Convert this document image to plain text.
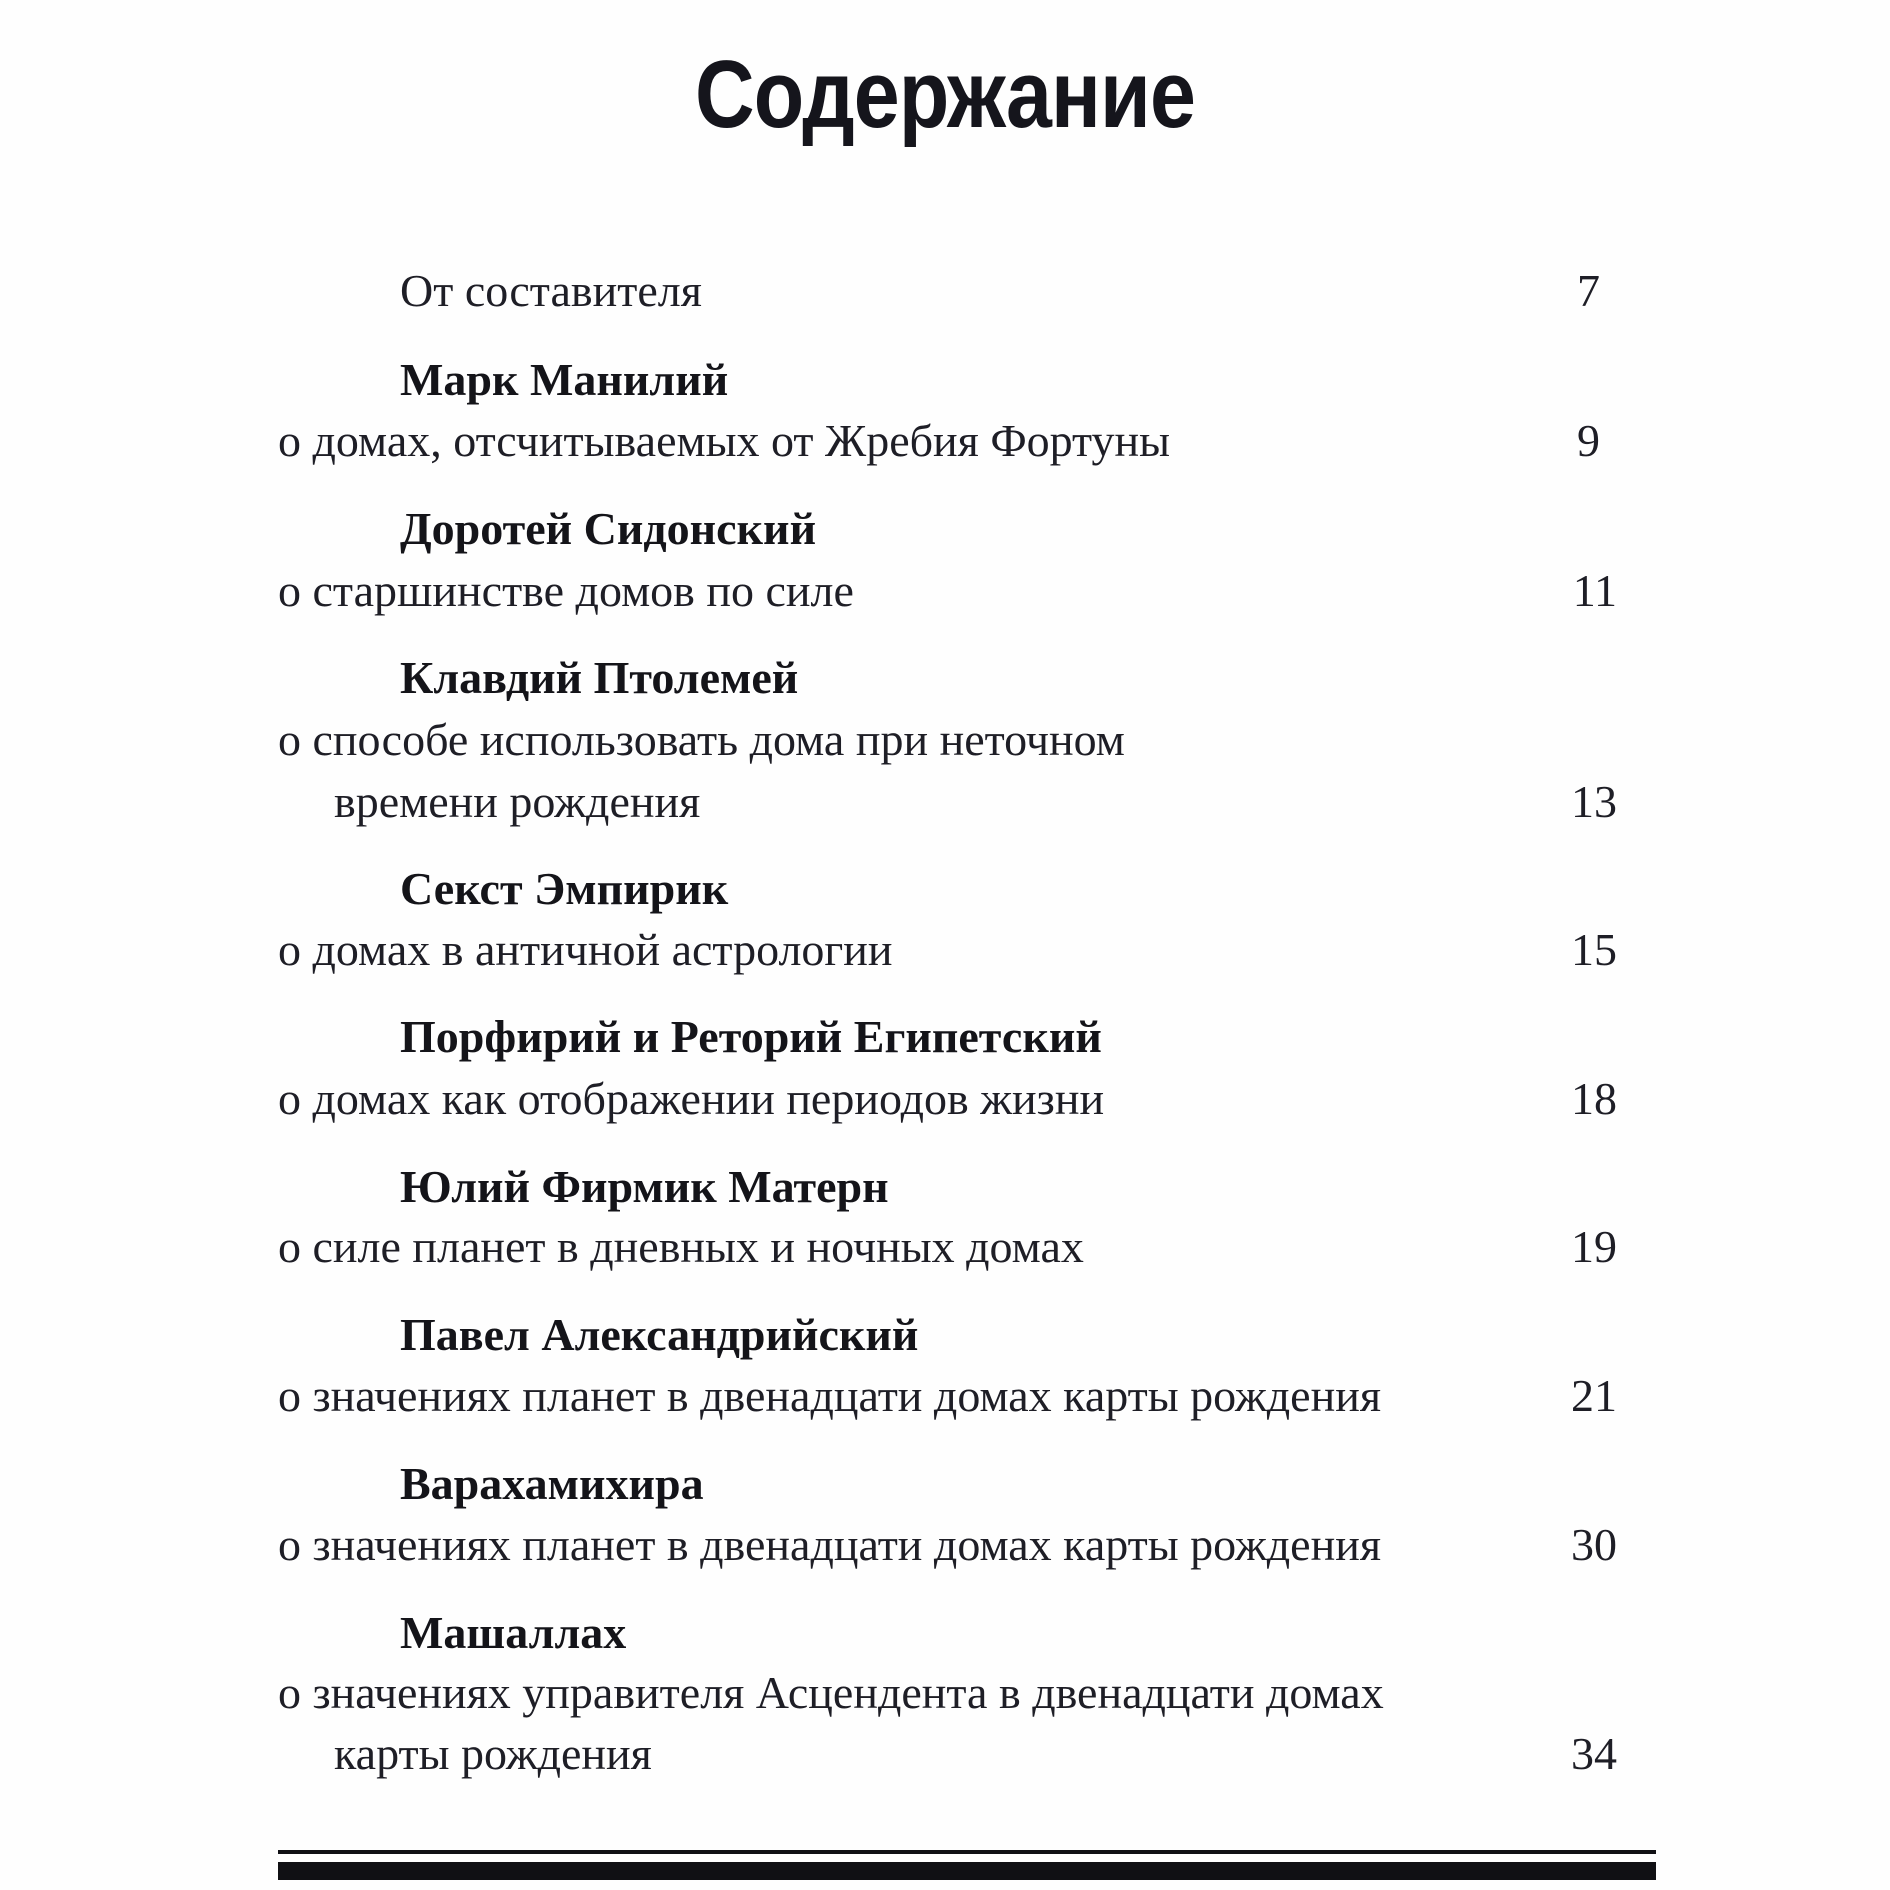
Содержание
От составителя	7
Марк Манилий
о домах, отсчитываемых от Жребия Фортуны	9
Доротей Сидонский
о старшинстве домов по силе	11
Клавдий Птолемей
о способе использовать дома при неточном
времени рождения	13
Секст Эмпирик
о домах в античной астрологии	15
Порфирий и Реторий Египетский
о домах как отображении периодов жизни	18
Юлий Фирмик Матерн
о силе планет в дневных и ночных домах	19
Павел Александрийский
о значениях планет в двенадцати домах карты рождения	21
Варахамихира
о значениях планет в двенадцати домах карты рождения	30
Машаллах
о значениях управителя Асцендента в двенадцати домах
карты рождения	34
